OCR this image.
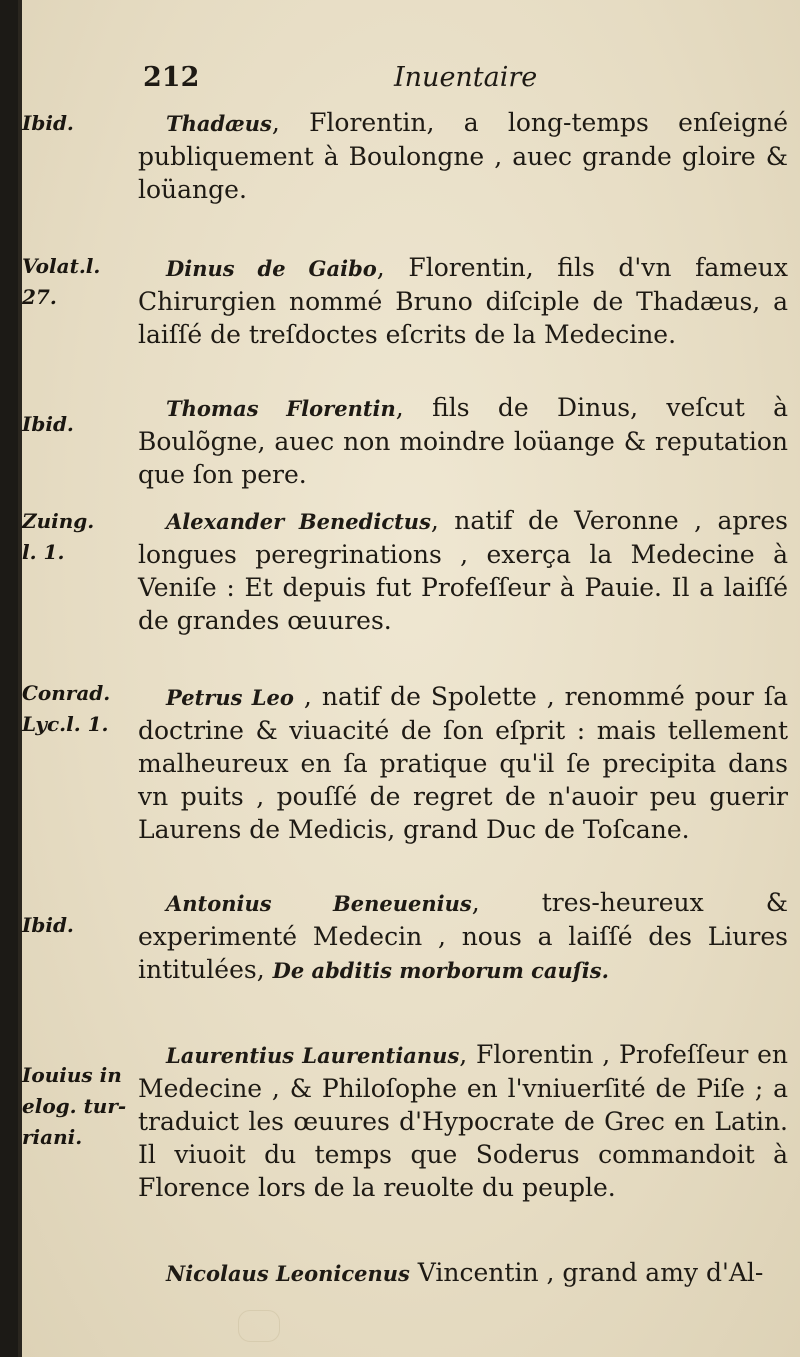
212	Inuentaire
Ibid.	Thadæus, Florentin, a long-temps enſeigné publiquement à Boulongne , auec grande gloire & loüange.

Volat.l.
27.

Dinus de Gaibo, Florentin, fils d'vn fameux Chirurgien nommé Bruno diſciple de Thadæus, a laiſſé de treſdoctes eſcrits de la Medecine.

Ibid.

Thomas Florentin, fils de Dinus, veſcut à Boulõgne, auec non moindre loüange & reputation que ſon pere.

Zuing.
l. 1.

Alexander Benedictus, natif de Veronne , apres longues peregrinations , exerça la Medecine à Veniſe : Et depuis fut Profeſſeur à Pauie. Il a laiſſé de grandes œuures.

Conrad.
Lyc.l. 1.

Petrus Leo , natif de Spolette , renommé pour ſa doctrine & viuacité de ſon eſprit : mais tellement malheureux en ſa pratique qu'il ſe precipita dans vn puits , pouſſé de regret de n'auoir peu guerir Laurens de Medicis, grand Duc de Toſcane.

Ibid.

Antonius Beneuenius, tres-heureux & experimenté Medecin , nous a laiſſé des Liures intitulées, De abditis morborum cauſis.

Iouius in
elog. tur-
riani.

Laurentius Laurentianus, Florentin , Profeſſeur en Medecine , & Philoſophe en l'vniuerſité de Piſe ; a traduict les œuures d'Hypocrate de Grec en Latin. Il viuoit du temps que Soderus commandoit à Florence lors de la reuolte du peuple.

Nicolaus Leonicenus Vincentin , grand amy d'Al-
